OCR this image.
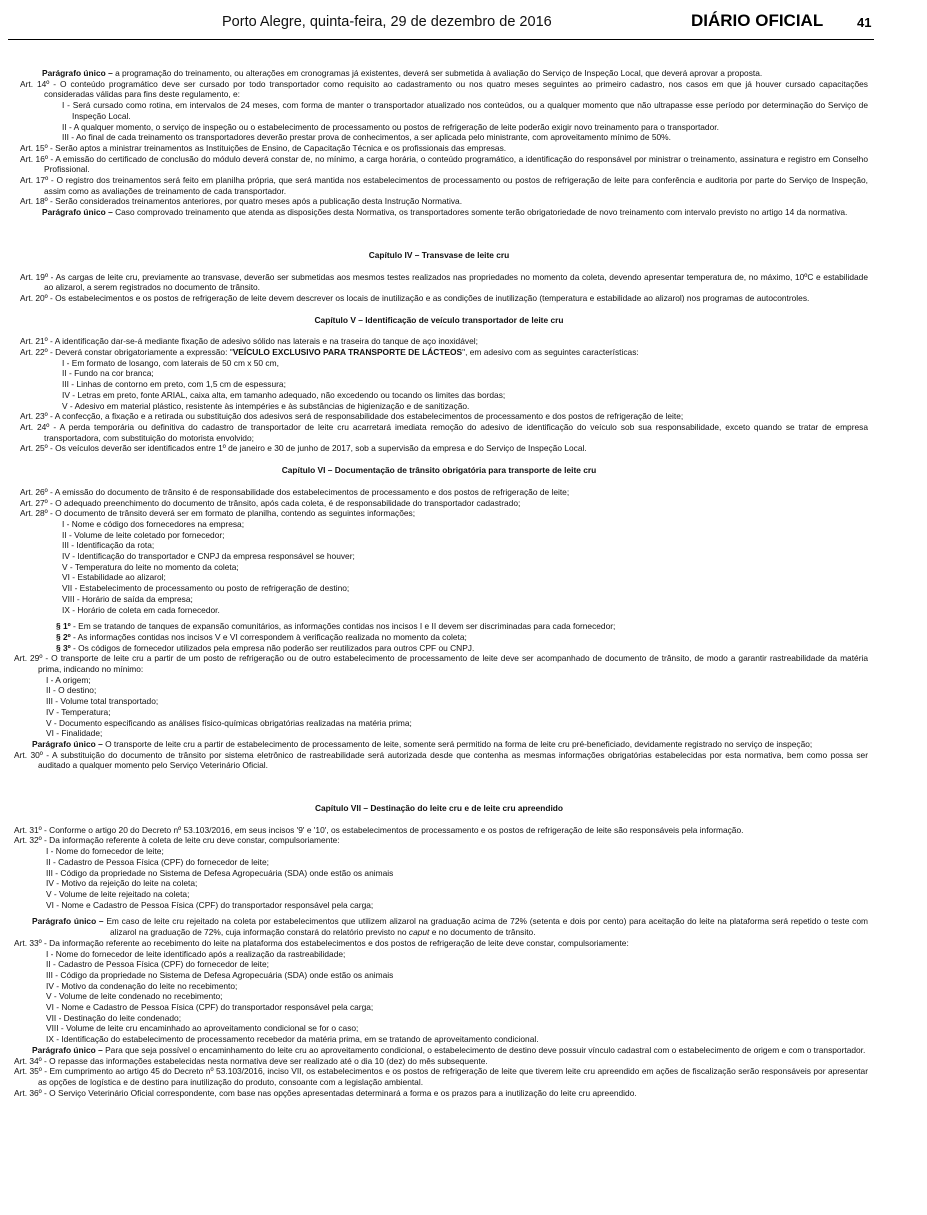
Porto Alegre, quinta-feira, 29 de dezembro de 2016	DIÁRIO OFICIAL	41

Parágrafo único – a programação do treinamento, ou alterações em cronogramas já existentes, deverá ser submetida à avaliação do Serviço de Inspeção Local, que deverá aprovar a proposta.

Art. 14º - O conteúdo programático deve ser cursado por todo transportador como requisito ao cadastramento ou nos quatro meses seguintes ao primeiro cadastro, nos casos em que já houver cursado capacitações consideradas válidas para fins deste regulamento, e:

I - Será cursado como rotina, em intervalos de 24 meses, com forma de manter o transportador atualizado nos conteúdos, ou a qualquer momento que não ultrapasse esse período por determinação do Serviço de Inspeção Local.

II - A qualquer momento, o serviço de inspeção ou o estabelecimento de processamento ou postos de refrigeração de leite poderão exigir novo treinamento para o transportador.

III - Ao final de cada treinamento os transportadores deverão prestar prova de conhecimentos, a ser aplicada pelo ministrante, com aproveitamento mínimo de 50%.

Art. 15º - Serão aptos a ministrar treinamentos as Instituições de Ensino, de Capacitação Técnica e os profissionais das empresas.

Art. 16º - A emissão do certificado de conclusão do módulo deverá constar de, no mínimo, a carga horária, o conteúdo programático, a identificação do responsável por ministrar o treinamento, assinatura e registro em Conselho Profissional.

Art. 17º - O registro dos treinamentos será feito em planilha própria, que será mantida nos estabelecimentos de processamento ou postos de refrigeração de leite para conferência e auditoria por parte do Serviço de Inspeção, assim como as avaliações de treinamento de cada transportador.

Art. 18º - Serão considerados treinamentos anteriores, por quatro meses após a publicação desta Instrução Normativa.

Parágrafo único – Caso comprovado treinamento que atenda as disposições desta Normativa, os transportadores somente terão obrigatoriedade de novo treinamento com intervalo previsto no artigo 14 da normativa.

Capítulo IV – Transvase de leite cru

Art. 19º - As cargas de leite cru, previamente ao transvase, deverão ser submetidas aos mesmos testes realizados nas propriedades no momento da coleta, devendo apresentar temperatura de, no máximo, 10ºC e estabilidade ao alizarol, a serem registrados no documento de trânsito.

Art. 20º - Os estabelecimentos e os postos de refrigeração de leite devem descrever os locais de inutilização e as condições de inutilização (temperatura e estabilidade ao alizarol) nos programas de autocontroles.

Capítulo V – Identificação de veículo transportador de leite cru

Art. 21º - A identificação dar-se-á mediante fixação de adesivo sólido nas laterais e na traseira do tanque de aço inoxidável;

Art. 22º - Deverá constar obrigatoriamente a expressão: "VEÍCULO EXCLUSIVO PARA TRANSPORTE DE LÁCTEOS", em adesivo com as seguintes características:

I - Em formato de losango, com laterais de 50 cm x 50 cm,

II - Fundo na cor branca;

III - Linhas de contorno em preto, com 1,5 cm de espessura;

IV - Letras em preto, fonte ARIAL, caixa alta, em tamanho adequado, não excedendo ou tocando os limites das bordas;

V - Adesivo em material plástico, resistente às intempéries e às substâncias de higienização e de sanitização.

Art. 23º - A confecção, a fixação e a retirada ou substituição dos adesivos será de responsabilidade dos estabelecimentos de processamento e dos postos de refrigeração de leite;

Art. 24º - A perda temporária ou definitiva do cadastro de transportador de leite cru acarretará imediata remoção do adesivo de identificação do veículo sob sua responsabilidade, exceto quando se tratar de empresa transportadora, com substituição do motorista envolvido;

Art. 25º - Os veículos deverão ser identificados entre 1º de janeiro e 30 de junho de 2017, sob a supervisão da empresa e do Serviço de Inspeção Local.

Capítulo VI – Documentação de trânsito obrigatória para transporte de leite cru

Art. 26º - A emissão do documento de trânsito é de responsabilidade dos estabelecimentos de processamento e dos postos de refrigeração de leite;

Art. 27º - O adequado preenchimento do documento de trânsito, após cada coleta, é de responsabilidade do transportador cadastrado;

Art. 28º - O documento de trânsito deverá ser em formato de planilha, contendo as seguintes informações;

I - Nome e código dos fornecedores na empresa;

II - Volume de leite coletado por fornecedor;

III - Identificação da rota;

IV - Identificação do transportador e CNPJ da empresa responsável se houver;

V - Temperatura do leite no momento da coleta;

VI - Estabilidade ao alizarol;

VII - Estabelecimento de processamento ou posto de refrigeração de destino;

VIII - Horário de saída da empresa;

IX - Horário de coleta em cada fornecedor.

§ 1º - Em se tratando de tanques de expansão comunitários, as informações contidas nos incisos I e II devem ser discriminadas para cada fornecedor;

§ 2º - As informações contidas nos incisos V e VI correspondem à verificação realizada no momento da coleta;

§ 3º - Os códigos de fornecedor utilizados pela empresa não poderão ser reutilizados para outros CPF ou CNPJ.

Art. 29º - O transporte de leite cru a partir de um posto de refrigeração ou de outro estabelecimento de processamento de leite deve ser acompanhado de documento de trânsito, de modo a garantir rastreabilidade da matéria prima, indicando no mínimo:

I - A origem;

II - O destino;

III - Volume total transportado;

IV - Temperatura;

V - Documento especificando as análises físico-químicas obrigatórias realizadas na matéria prima;

VI - Finalidade;

Parágrafo único – O transporte de leite cru a partir de estabelecimento de processamento de leite, somente será permitido na forma de leite cru pré-beneficiado, devidamente registrado no serviço de inspeção;

Art. 30º - A substituição do documento de trânsito por sistema eletrônico de rastreabilidade será autorizada desde que contenha as mesmas informações obrigatórias estabelecidas por esta normativa, bem como possa ser auditado a qualquer momento pelo Serviço Veterinário Oficial.

Capítulo VII – Destinação do leite cru e de leite cru apreendido

Art. 31º - Conforme o artigo 20 do Decreto nº 53.103/2016, em seus incisos '9' e '10', os estabelecimentos de processamento e os postos de refrigeração de leite são responsáveis pela informação.

Art. 32º - Da informação referente à coleta de leite cru deve constar, compulsoriamente:

I - Nome do fornecedor de leite;

II - Cadastro de Pessoa Física (CPF) do fornecedor de leite;

III - Código da propriedade no Sistema de Defesa Agropecuária (SDA) onde estão os animais

IV - Motivo da rejeição do leite na coleta;

V - Volume de leite rejeitado na coleta;

VI - Nome e Cadastro de Pessoa Física (CPF) do transportador responsável pela carga;

Parágrafo único – Em caso de leite cru rejeitado na coleta por estabelecimentos que utilizem alizarol na graduação acima de 72% (setenta e dois por cento) para aceitação do leite na plataforma será repetido o teste com alizarol na graduação de 72%, cuja informação constará do relatório previsto no caput e no documento de trânsito.

Art. 33º - Da informação referente ao recebimento do leite na plataforma dos estabelecimentos e dos postos de refrigeração de leite deve constar, compulsoriamente:

I - Nome do fornecedor de leite identificado após a realização da rastreabilidade;

II - Cadastro de Pessoa Física (CPF) do fornecedor de leite;

III - Código da propriedade no Sistema de Defesa Agropecuária (SDA) onde estão os animais

IV - Motivo da condenação do leite no recebimento;

V - Volume de leite condenado no recebimento;

VI - Nome e Cadastro de Pessoa Física (CPF) do transportador responsável pela carga;

VII - Destinação do leite condenado;

VIII - Volume de leite cru encaminhado ao aproveitamento condicional se for o caso;

IX - Identificação do estabelecimento de processamento recebedor da matéria prima, em se tratando de aproveitamento condicional.

Parágrafo único – Para que seja possível o encaminhamento do leite cru ao aproveitamento condicional, o estabelecimento de destino deve possuir vínculo cadastral com o estabelecimento de origem e com o transportador.

Art. 34º - O repasse das informações estabelecidas nesta normativa deve ser realizado até o dia 10 (dez) do mês subsequente.

Art. 35º - Em cumprimento ao artigo 45 do Decreto nº 53.103/2016, inciso VII, os estabelecimentos e os postos de refrigeração de leite que tiverem leite cru apreendido em ações de fiscalização serão responsáveis por apresentar as opções de logística e de destino para inutilização do produto, consoante com a legislação ambiental.

Art. 36º - O Serviço Veterinário Oficial correspondente, com base nas opções apresentadas determinará a forma e os prazos para a inutilização do leite cru apreendido.
